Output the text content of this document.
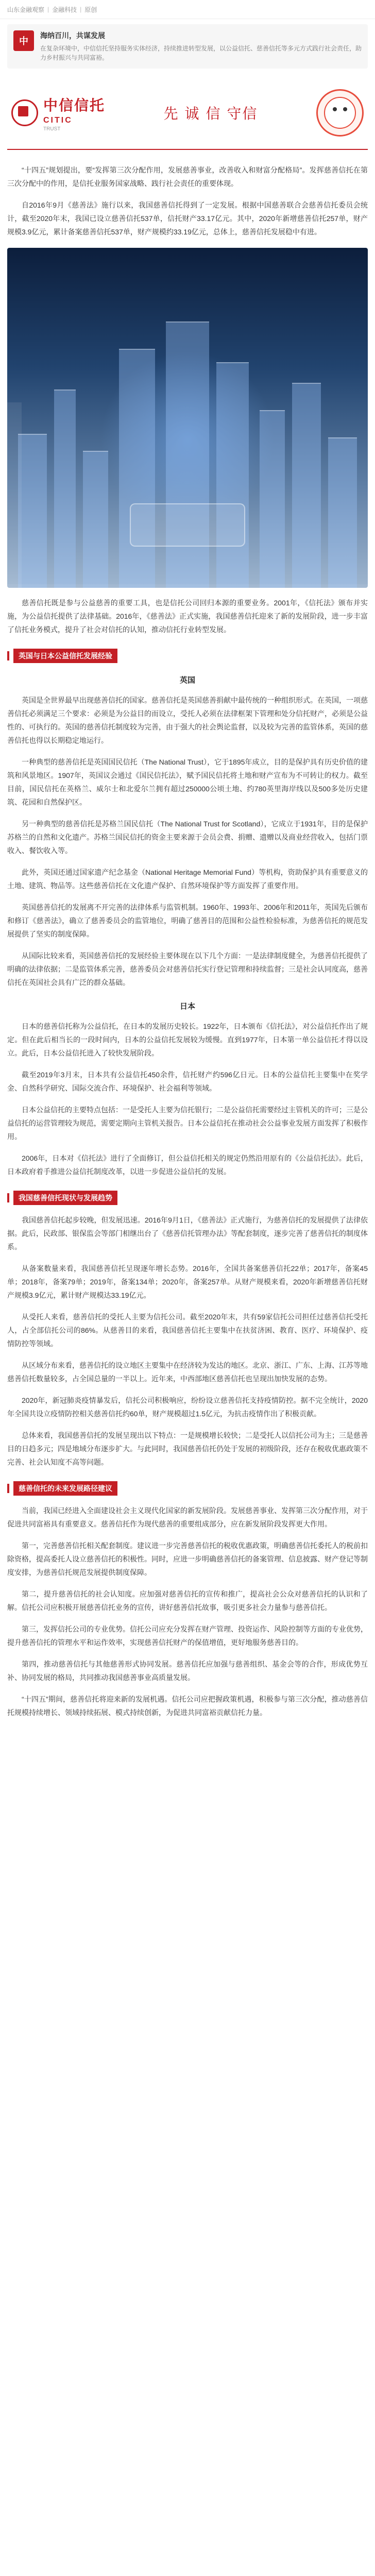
山东金融观察 | 金融科技 | 原创
中
海纳百川，共谋发展
在复杂环境中，中信信托坚持服务实体经济，持续推进转型发展，以公益信托、慈善信托等多元方式践行社会责任，助力乡村振兴与共同富裕。
中信信托
CITIC
TRUST
先 诚 信 守信

“十四五”规划提出，要“发挥第三次分配作用，发展慈善事业，改善收入和财富分配格局”。发挥慈善信托在第三次分配中的作用，是信托业服务国家战略、践行社会责任的重要体现。

自2016年9月《慈善法》施行以来，我国慈善信托得到了一定发展。根据中国慈善联合会慈善信托委员会统计，截至2020年末，我国已设立慈善信托537单，信托财产33.17亿元。其中，2020年新增慈善信托257单，财产规模3.9亿元，累计备案慈善信托537单，财产规模约33.19亿元，总体上，慈善信托发展稳中有进。

慈善信托既是参与公益慈善的重要工具，也是信托公司回归本源的重要业务。2001年，《信托法》颁布并实施，为公益信托提供了法律基础。2016年，《慈善法》正式实施，我国慈善信托迎来了新的发展阶段，进一步丰富了信托业务模式，提升了社会对信托的认知，推动信托行业转型发展。

英国与日本公益信托发展经验
英国

英国是全世界最早出现慈善信托的国家。慈善信托是英国慈善捐献中最传统的一种组织形式。在英国，一项慈善信托必须满足三个要求：必须是为公益目的而设立，受托人必须在法律框架下管理和处分信托财产，必须是公益性的、可执行的。英国的慈善信托制度较为完善，由于强大的社会舆论监督，以及较为完善的监管体系，英国的慈善信托也得以长期稳定地运行。

一种典型的慈善信托是英国国民信托（The National Trust），它于1895年成立，目的是保护具有历史价值的建筑和风景地区。1907年，英国议会通过《国民信托法》，赋予国民信托将土地和财产宣布为不可转让的权力。截至目前，国民信托在英格兰、威尔士和北爱尔兰拥有超过250000公顷土地、约780英里海岸线以及500多处历史建筑、花园和自然保护区。

另一种典型的慈善信托是苏格兰国民信托（The National Trust for Scotland），它成立于1931年，目的是保护苏格兰的自然和文化遗产。苏格兰国民信托的资金主要来源于会员会费、捐赠、遗赠以及商业经营收入，包括门票收入、餐饮收入等。

此外，英国还通过国家遗产纪念基金（National Heritage Memorial Fund）等机构，资助保护具有重要意义的土地、建筑、物品等。这些慈善信托在文化遗产保护、自然环境保护等方面发挥了重要作用。

英国慈善信托的发展离不开完善的法律体系与监管机制。1960年、1993年、2006年和2011年，英国先后颁布和修订《慈善法》，确立了慈善委员会的监管地位，明确了慈善目的范围和公益性检验标准，为慈善信托的规范发展提供了坚实的制度保障。

从国际比较来看，英国慈善信托的发展经验主要体现在以下几个方面：一是法律制度健全，为慈善信托提供了明确的法律依据；二是监管体系完善，慈善委员会对慈善信托实行登记管理和持续监督；三是社会认同度高，慈善信托在英国社会具有广泛的群众基础。

日本

日本的慈善信托称为公益信托，在日本的发展历史较长。1922年，日本颁布《信托法》，对公益信托作出了规定。但在此后相当长的一段时间内，日本的公益信托发展较为缓慢。直到1977年，日本第一单公益信托才得以设立。此后，日本公益信托进入了较快发展阶段。

截至2019年3月末，日本共有公益信托450余件，信托财产约596亿日元。日本的公益信托主要集中在奖学金、自然科学研究、国际交流合作、环境保护、社会福利等领域。

日本公益信托的主要特点包括：一是受托人主要为信托银行；二是公益信托需要经过主管机关的许可；三是公益信托的运营管理较为规范，需要定期向主管机关报告。日本公益信托在推动社会公益事业发展方面发挥了积极作用。

2006年，日本对《信托法》进行了全面修订，但公益信托相关的规定仍然沿用原有的《公益信托法》。此后，日本政府着手推进公益信托制度改革，以进一步促进公益信托的发展。

我国慈善信托现状与发展趋势

我国慈善信托起步较晚，但发展迅速。2016年9月1日，《慈善法》正式施行，为慈善信托的发展提供了法律依据。此后，民政部、银保监会等部门相继出台了《慈善信托管理办法》等配套制度，逐步完善了慈善信托的制度体系。

从备案数量来看，我国慈善信托呈现逐年增长态势。2016年，全国共备案慈善信托22单；2017年，备案45单；2018年，备案79单；2019年，备案134单；2020年，备案257单。从财产规模来看，2020年新增慈善信托财产规模3.9亿元，累计财产规模达33.19亿元。

从受托人来看，慈善信托的受托人主要为信托公司。截至2020年末，共有59家信托公司担任过慈善信托受托人，占全部信托公司的86%。从慈善目的来看，我国慈善信托主要集中在扶贫济困、教育、医疗、环境保护、疫情防控等领域。

从区域分布来看，慈善信托的设立地区主要集中在经济较为发达的地区。北京、浙江、广东、上海、江苏等地慈善信托数量较多，占全国总量的一半以上。近年来，中西部地区慈善信托也呈现出加快发展的态势。

2020年，新冠肺炎疫情暴发后，信托公司积极响应，纷纷设立慈善信托支持疫情防控。据不完全统计，2020年全国共设立疫情防控相关慈善信托约60单，财产规模超过1.5亿元，为抗击疫情作出了积极贡献。

总体来看，我国慈善信托的发展呈现出以下特点：一是规模增长较快；二是受托人以信托公司为主；三是慈善目的日趋多元；四是地域分布逐步扩大。与此同时，我国慈善信托仍处于发展的初级阶段，还存在税收优惠政策不完善、社会认知度不高等问题。

慈善信托的未来发展路径建议

当前，我国已经进入全面建设社会主义现代化国家的新发展阶段。发展慈善事业、发挥第三次分配作用，对于促进共同富裕具有重要意义。慈善信托作为现代慈善的重要组成部分，应在新发展阶段发挥更大作用。

第一，完善慈善信托相关配套制度。建议进一步完善慈善信托的税收优惠政策，明确慈善信托委托人的税前扣除资格，提高委托人设立慈善信托的积极性。同时，应进一步明确慈善信托的备案管理、信息披露、财产登记等制度安排，为慈善信托规范发展提供制度保障。

第二，提升慈善信托的社会认知度。应加强对慈善信托的宣传和推广，提高社会公众对慈善信托的认识和了解。信托公司应积极开展慈善信托业务的宣传，讲好慈善信托故事，吸引更多社会力量参与慈善信托。

第三，发挥信托公司的专业优势。信托公司应充分发挥在财产管理、投资运作、风险控制等方面的专业优势，提升慈善信托的管理水平和运作效率，实现慈善信托财产的保值增值，更好地服务慈善目的。

第四，推动慈善信托与其他慈善形式协同发展。慈善信托应加强与慈善组织、基金会等的合作，形成优势互补、协同发展的格局，共同推动我国慈善事业高质量发展。

“十四五”期间，慈善信托将迎来新的发展机遇。信托公司应把握政策机遇，积极参与第三次分配，推动慈善信托规模持续增长、领域持续拓展、模式持续创新，为促进共同富裕贡献信托力量。
